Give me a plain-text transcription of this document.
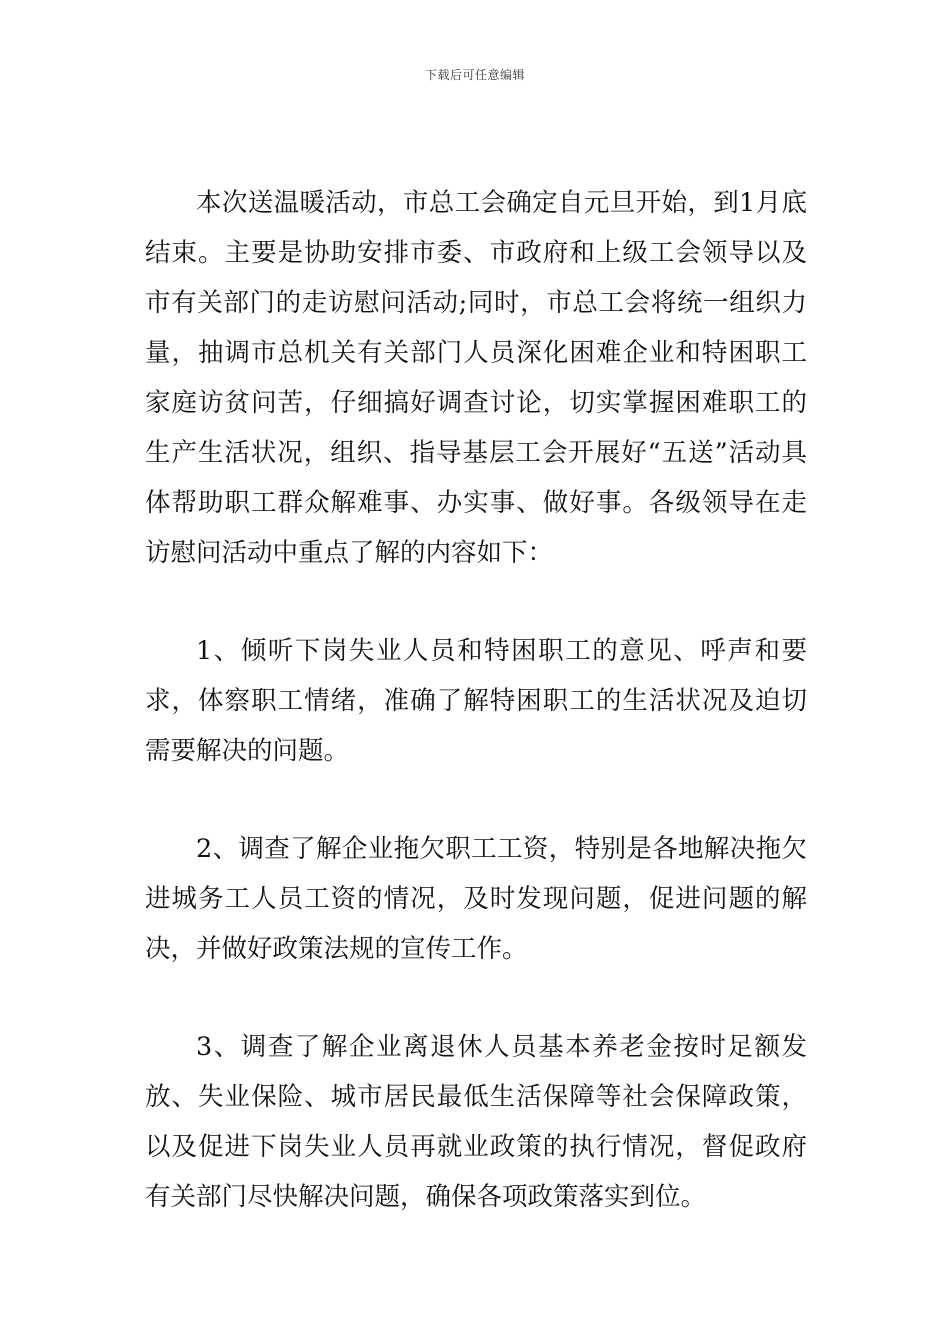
下载后可任意编辑

本次送温暖活动，市总工会确定自元旦开始，到1月底结束。主要是协助安排市委、市政府和上级工会领导以及市有关部门的走访慰问活动;同时，市总工会将统一组织力量，抽调市总机关有关部门人员深化困难企业和特困职工家庭访贫问苦，仔细搞好调查讨论，切实掌握困难职工的生产生活状况，组织、指导基层工会开展好“五送”活动具体帮助职工群众解难事、办实事、做好事。各级领导在走访慰问活动中重点了解的内容如下：

1、倾听下岗失业人员和特困职工的意见、呼声和要求，体察职工情绪，准确了解特困职工的生活状况及迫切需要解决的问题。

2、调查了解企业拖欠职工工资，特别是各地解决拖欠进城务工人员工资的情况，及时发现问题，促进问题的解决，并做好政策法规的宣传工作。

3、调查了解企业离退休人员基本养老金按时足额发放、失业保险、城市居民最低生活保障等社会保障政策，以及促进下岗失业人员再就业政策的执行情况，督促政府有关部门尽快解决问题，确保各项政策落实到位。
